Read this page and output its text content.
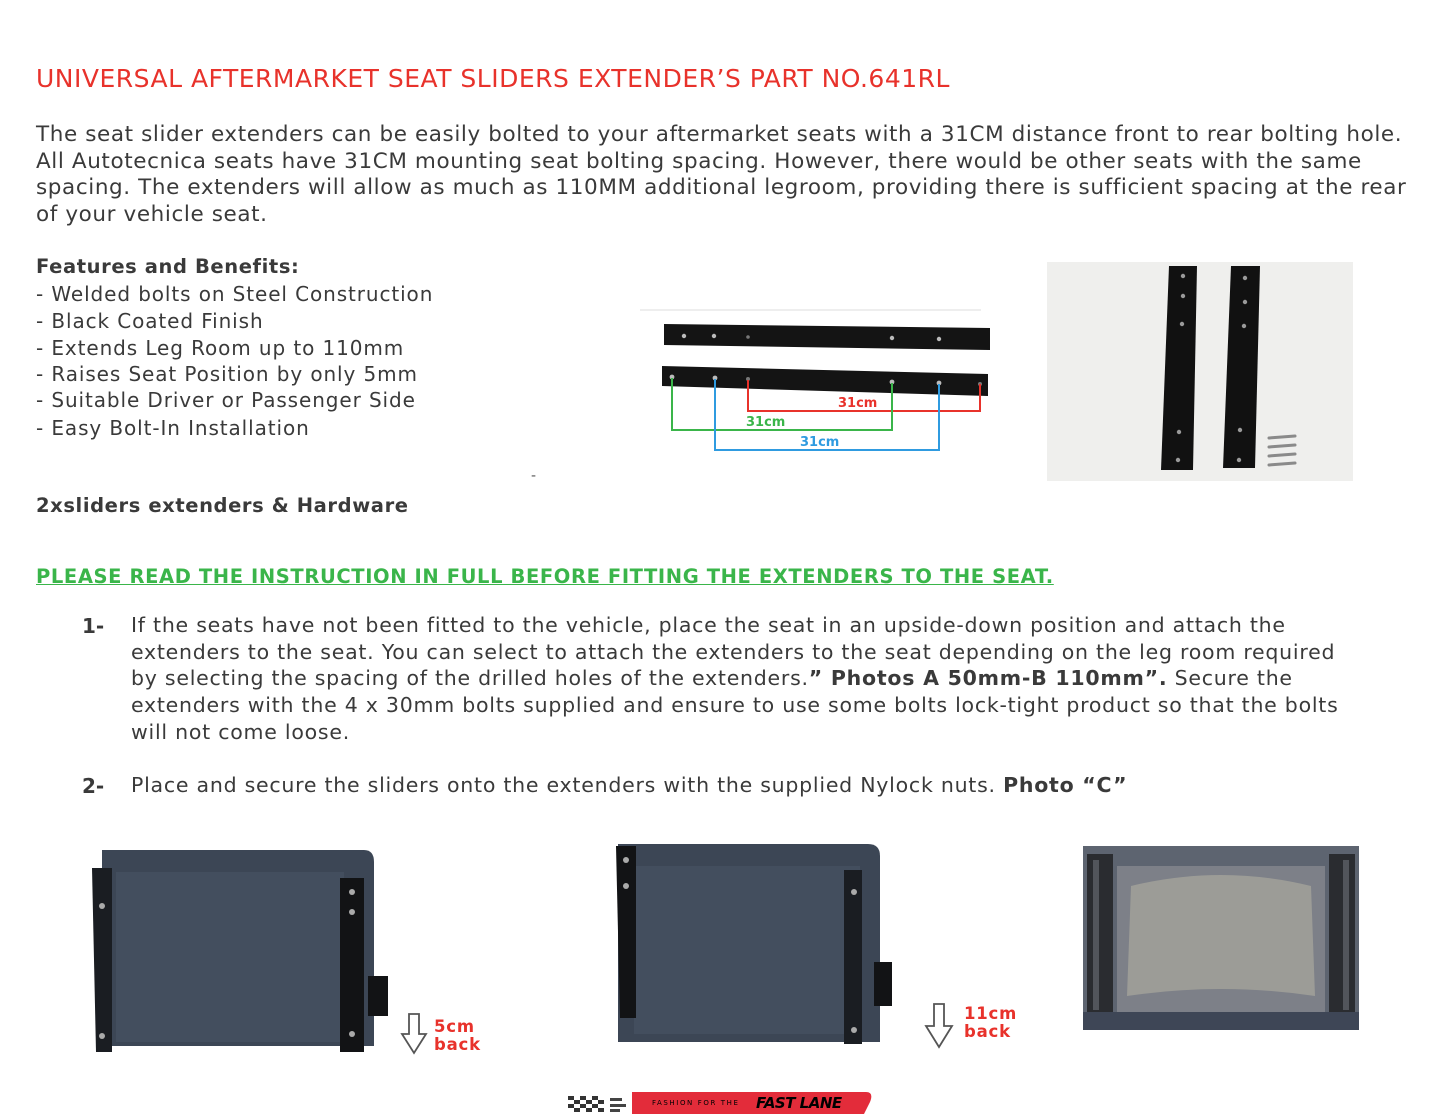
UNIVERSAL AFTERMARKET SEAT SLIDERS EXTENDER’S PART NO.641RL

The seat slider extenders can be easily bolted to your aftermarket seats with a 31CM distance front to rear bolting hole. All Autotecnica seats have 31CM mounting seat bolting spacing. However, there would be other seats with the same spacing. The extenders will allow as much as 110MM additional legroom, providing there is sufficient spacing at the rear of your vehicle seat.

Features and Benefits:
- Welded bolts on Steel Construction
- Black Coated Finish
- Extends Leg Room up to 110mm
- Raises Seat Position by only 5mm
- Suitable Driver or Passenger Side
- Easy Bolt-In Installation
-
2xsliders extenders & Hardware
31cm
31cm
31cm
PLEASE READ THE INSTRUCTION IN FULL BEFORE FITTING THE EXTENDERS TO THE SEAT.
1- If the seats have not been fitted to the vehicle, place the seat in an upside-down position and attach the extenders to the seat. You can select to attach the extenders to the seat depending on the leg room required by selecting the spacing of the drilled holes of the extenders.” Photos A 50mm-B 110mm”. Secure the extenders with the 4 x 30mm bolts supplied and ensure to use some bolts lock-tight product so that the bolts will not come loose.

2- Place and secure the sliders onto the extenders with the supplied Nylock nuts. Photo “C”

5cm
back
11cm
back
FASHION FOR THE FAST LANE
